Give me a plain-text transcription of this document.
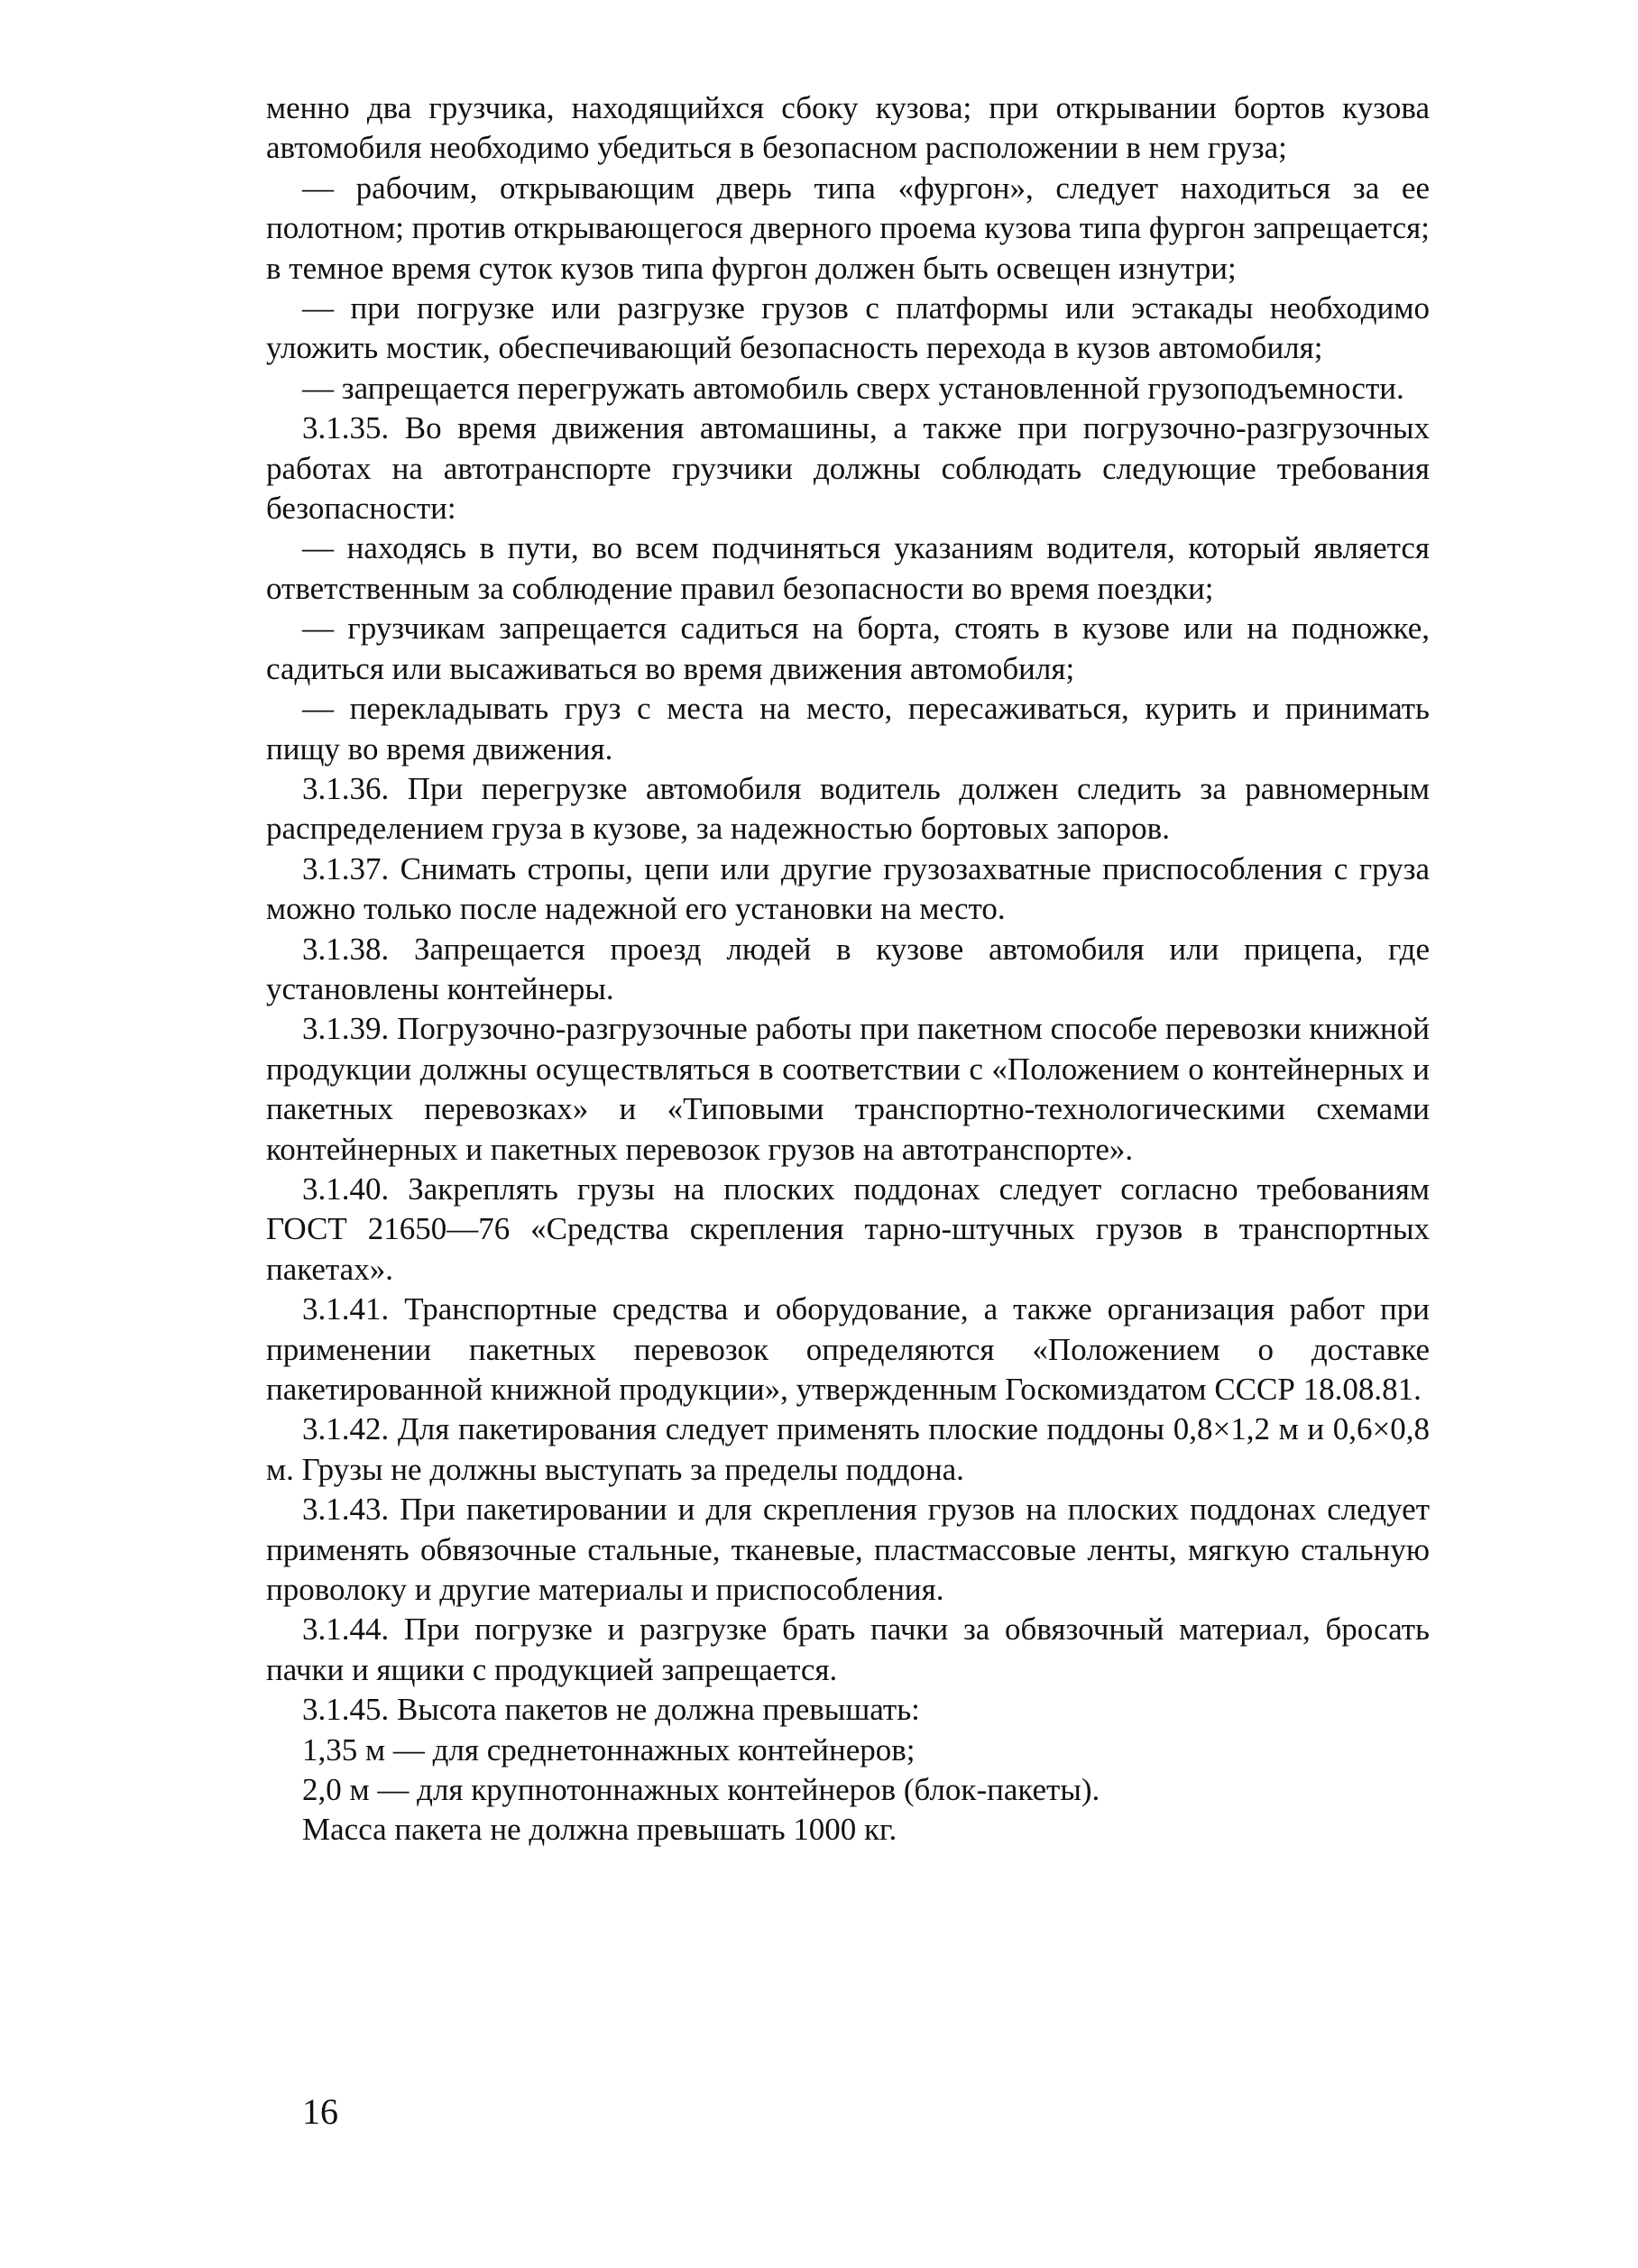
менно два грузчика, находящийхся сбоку кузова; при открывании бортов кузова автомобиля необходимо убедиться в безопасном расположении в нем груза;

— рабочим, открывающим дверь типа «фургон», следует находиться за ее полотном; против открывающегося дверного проема кузова типа фургон запрещается; в темное время суток кузов типа фургон должен быть освещен изнутри;

— при погрузке или разгрузке грузов с платформы или эстакады необходимо уложить мостик, обеспечивающий безопасность перехода в кузов автомобиля;

— запрещается перегружать автомобиль сверх установленной грузоподъемности.

3.1.35. Во время движения автомашины, а также при погрузочно-разгрузочных работах на автотранспорте грузчики должны соблюдать следующие требования безопасности:

— находясь в пути, во всем подчиняться указаниям водителя, который является ответственным за соблюдение правил безопасности во время поездки;

— грузчикам запрещается садиться на борта, стоять в кузове или на подножке, садиться или высаживаться во время движения автомобиля;

— перекладывать груз с места на место, пересаживаться, курить и принимать пищу во время движения.

3.1.36. При перегрузке автомобиля водитель должен следить за равномерным распределением груза в кузове, за надежностью бортовых запоров.

3.1.37. Снимать стропы, цепи или другие грузозахватные приспособления с груза можно только после надежной его установки на место.

3.1.38. Запрещается проезд людей в кузове автомобиля или прицепа, где установлены контейнеры.

3.1.39. Погрузочно-разгрузочные работы при пакетном способе перевозки книжной продукции должны осуществляться в соответствии с «Положением о контейнерных и пакетных перевозках» и «Типовыми транспортно-технологическими схемами контейнерных и пакетных перевозок грузов на автотранспорте».

3.1.40. Закреплять грузы на плоских поддонах следует согласно требованиям ГОСТ 21650—76 «Средства скрепления тарно-штучных грузов в транспортных пакетах».

3.1.41. Транспортные средства и оборудование, а также организация работ при применении пакетных перевозок определяются «Положением о доставке пакетированной книжной продукции», утвержденным Госкомиздатом СССР 18.08.81.

3.1.42. Для пакетирования следует применять плоские поддоны 0,8×1,2 м и 0,6×0,8 м. Грузы не должны выступать за пределы поддона.

3.1.43. При пакетировании и для скрепления грузов на плоских поддонах следует применять обвязочные стальные, тканевые, пластмассовые ленты, мягкую стальную проволоку и другие материалы и приспособления.

3.1.44. При погрузке и разгрузке брать пачки за обвязочный материал, бросать пачки и ящики с продукцией запрещается.

3.1.45. Высота пакетов не должна превышать:

1,35 м — для среднетоннажных контейнеров;

2,0 м — для крупнотоннажных контейнеров (блок-пакеты).

Масса пакета не должна превышать 1000 кг.

16
